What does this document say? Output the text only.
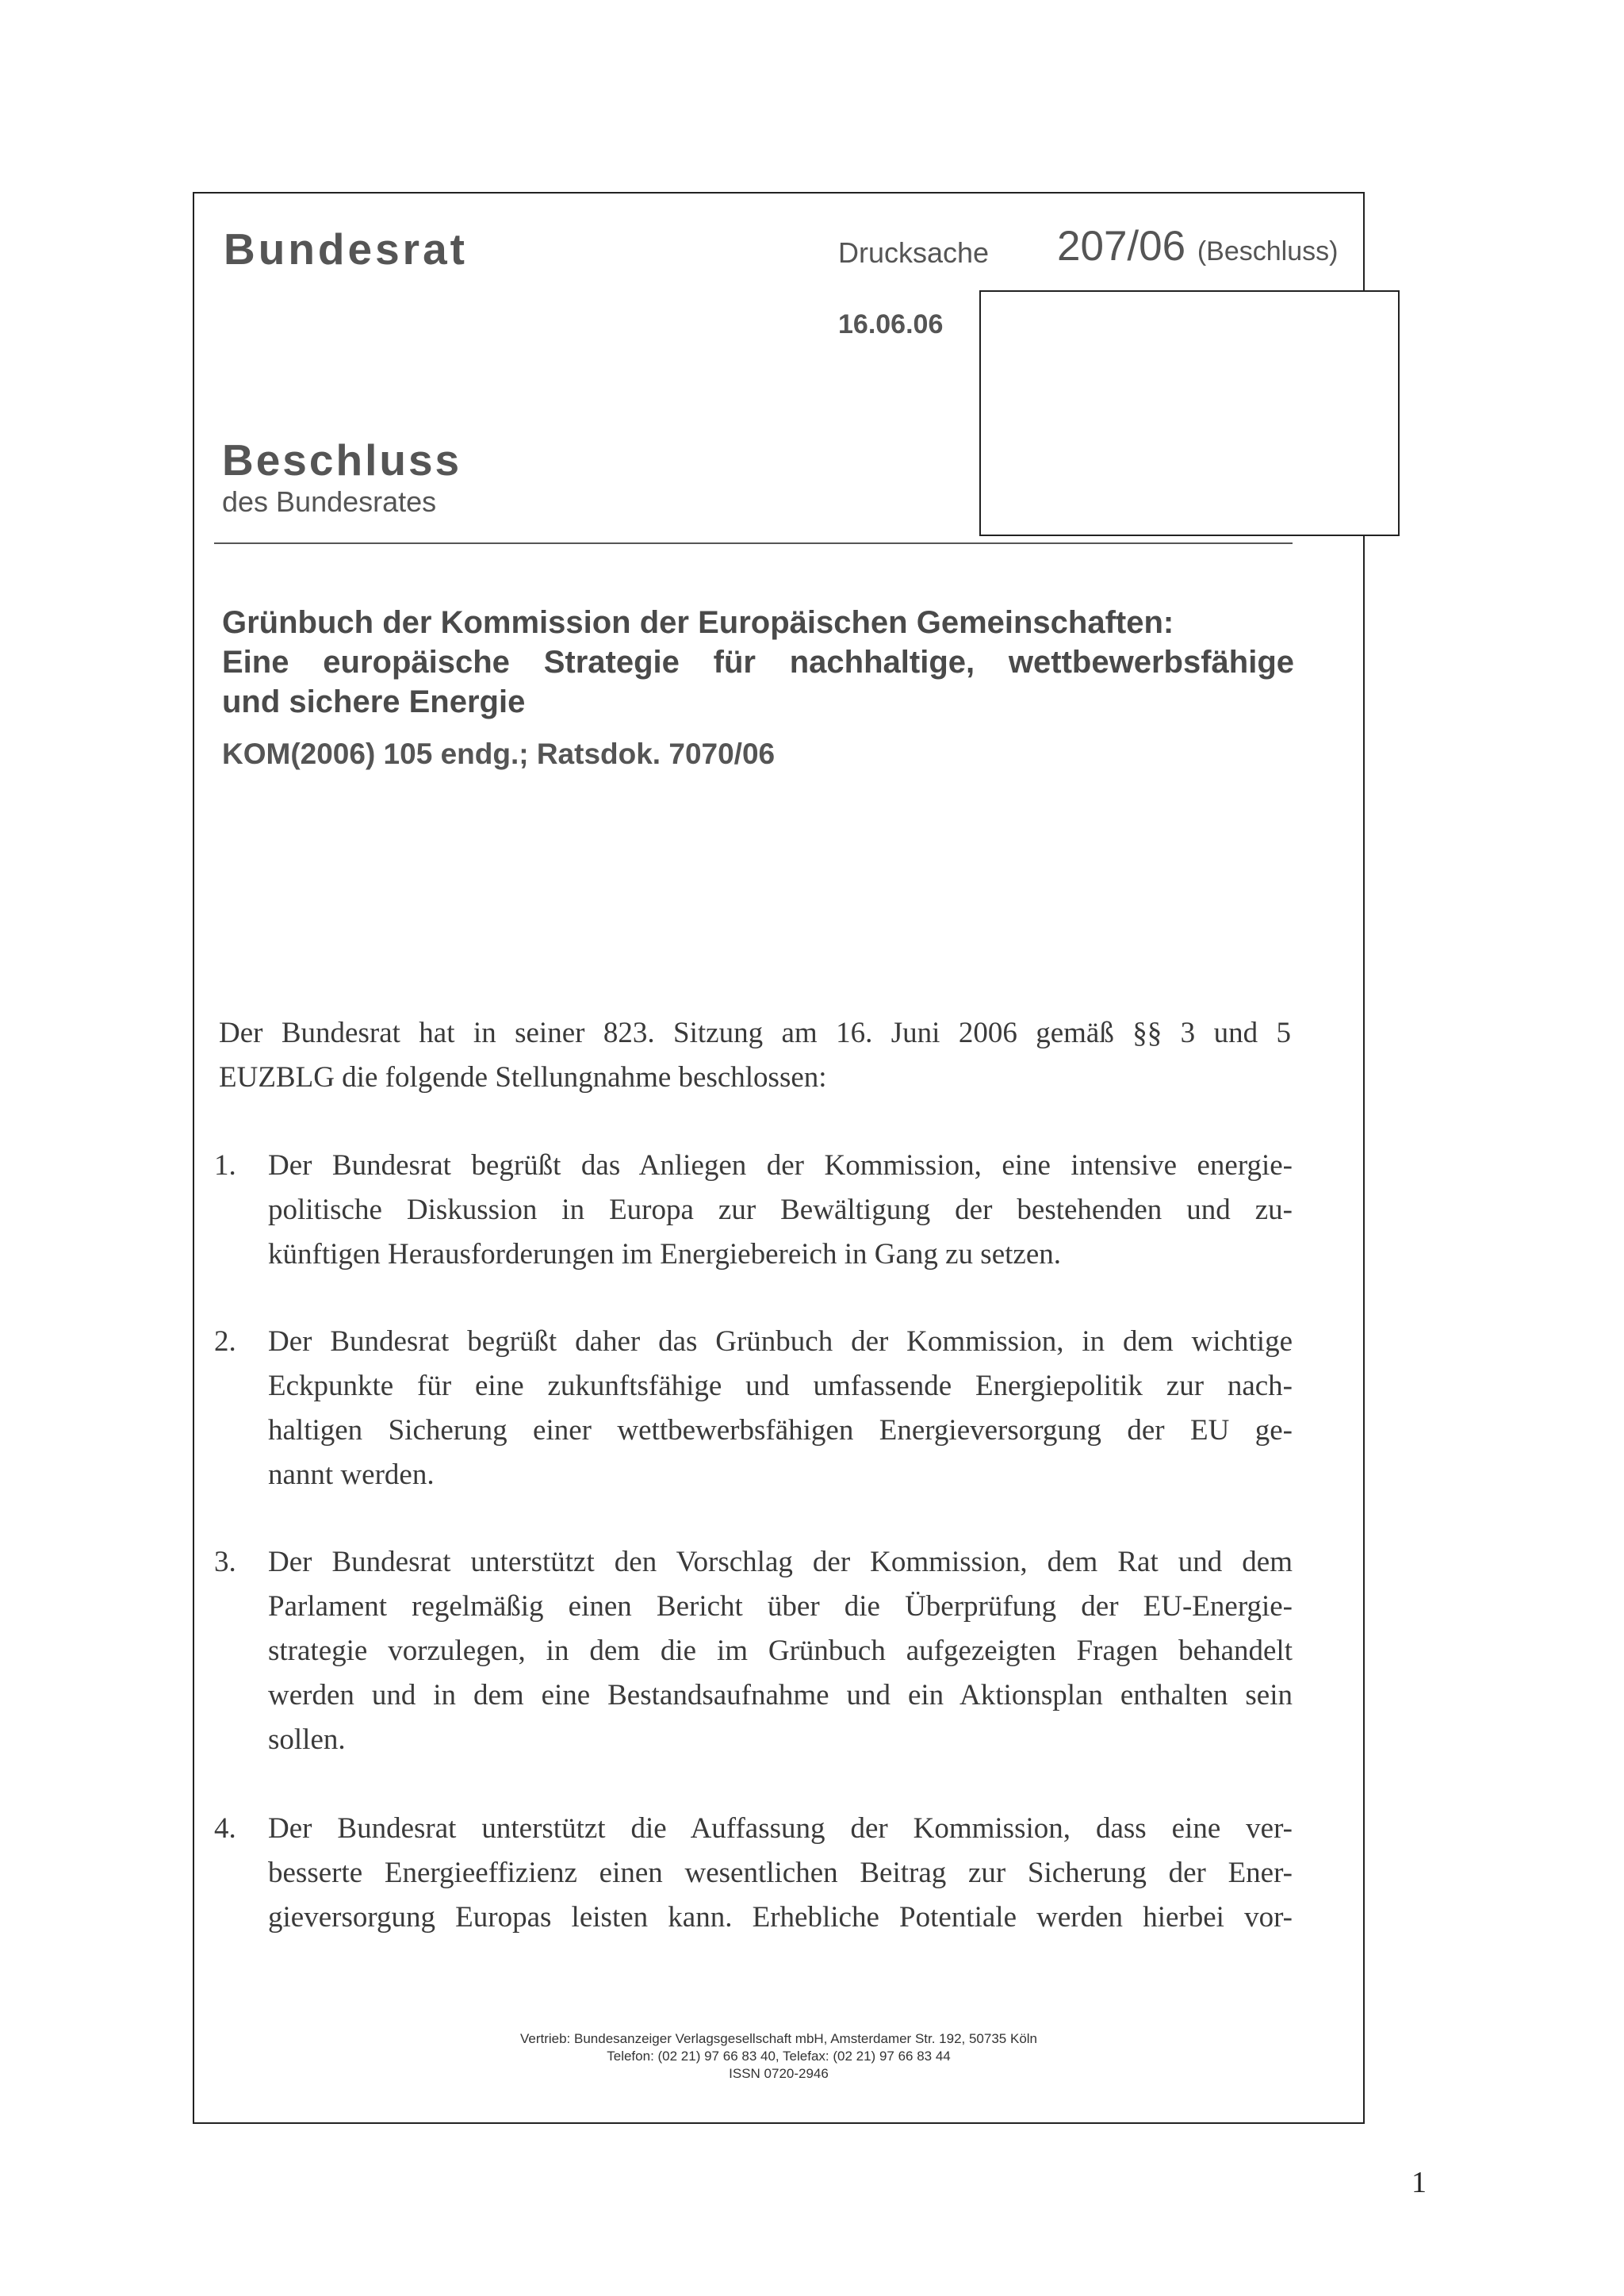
Bundesrat	Drucksache 207/06 (Beschluss)
16.06.06
Beschluss
des Bundesrates
Grünbuch der Kommission der Europäischen Gemeinschaften:
Eine europäische Strategie für nachhaltige, wettbewerbsfähige
und sichere Energie
KOM(2006) 105 endg.; Ratsdok. 7070/06
Der Bundesrat hat in seiner 823. Sitzung am 16. Juni 2006 gemäß §§ 3 und 5
EUZBLG die folgende Stellungnahme beschlossen:
1.	Der Bundesrat begrüßt das Anliegen der Kommission, eine intensive energie-
politische Diskussion in Europa zur Bewältigung der bestehenden und zu-
künftigen Herausforderungen im Energiebereich in Gang zu setzen.
2.	Der Bundesrat begrüßt daher das Grünbuch der Kommission, in dem wichtige
Eckpunkte für eine zukunftsfähige und umfassende Energiepolitik zur nach-
haltigen Sicherung einer wettbewerbsfähigen Energieversorgung der EU ge-
nannt werden.
3.	Der Bundesrat unterstützt den Vorschlag der Kommission, dem Rat und dem
Parlament regelmäßig einen Bericht über die Überprüfung der EU-Energie-
strategie vorzulegen, in dem die im Grünbuch aufgezeigten Fragen behandelt
werden und in dem eine Bestandsaufnahme und ein Aktionsplan enthalten sein
sollen.
4.	Der Bundesrat unterstützt die Auffassung der Kommission, dass eine ver-
besserte Energieeffizienz einen wesentlichen Beitrag zur Sicherung der Ener-
gieversorgung Europas leisten kann. Erhebliche Potentiale werden hierbei vor-
Vertrieb: Bundesanzeiger Verlagsgesellschaft mbH, Amsterdamer Str. 192, 50735 Köln
Telefon: (02 21) 97 66 83 40, Telefax: (02 21) 97 66 83 44
ISSN 0720-2946
1
